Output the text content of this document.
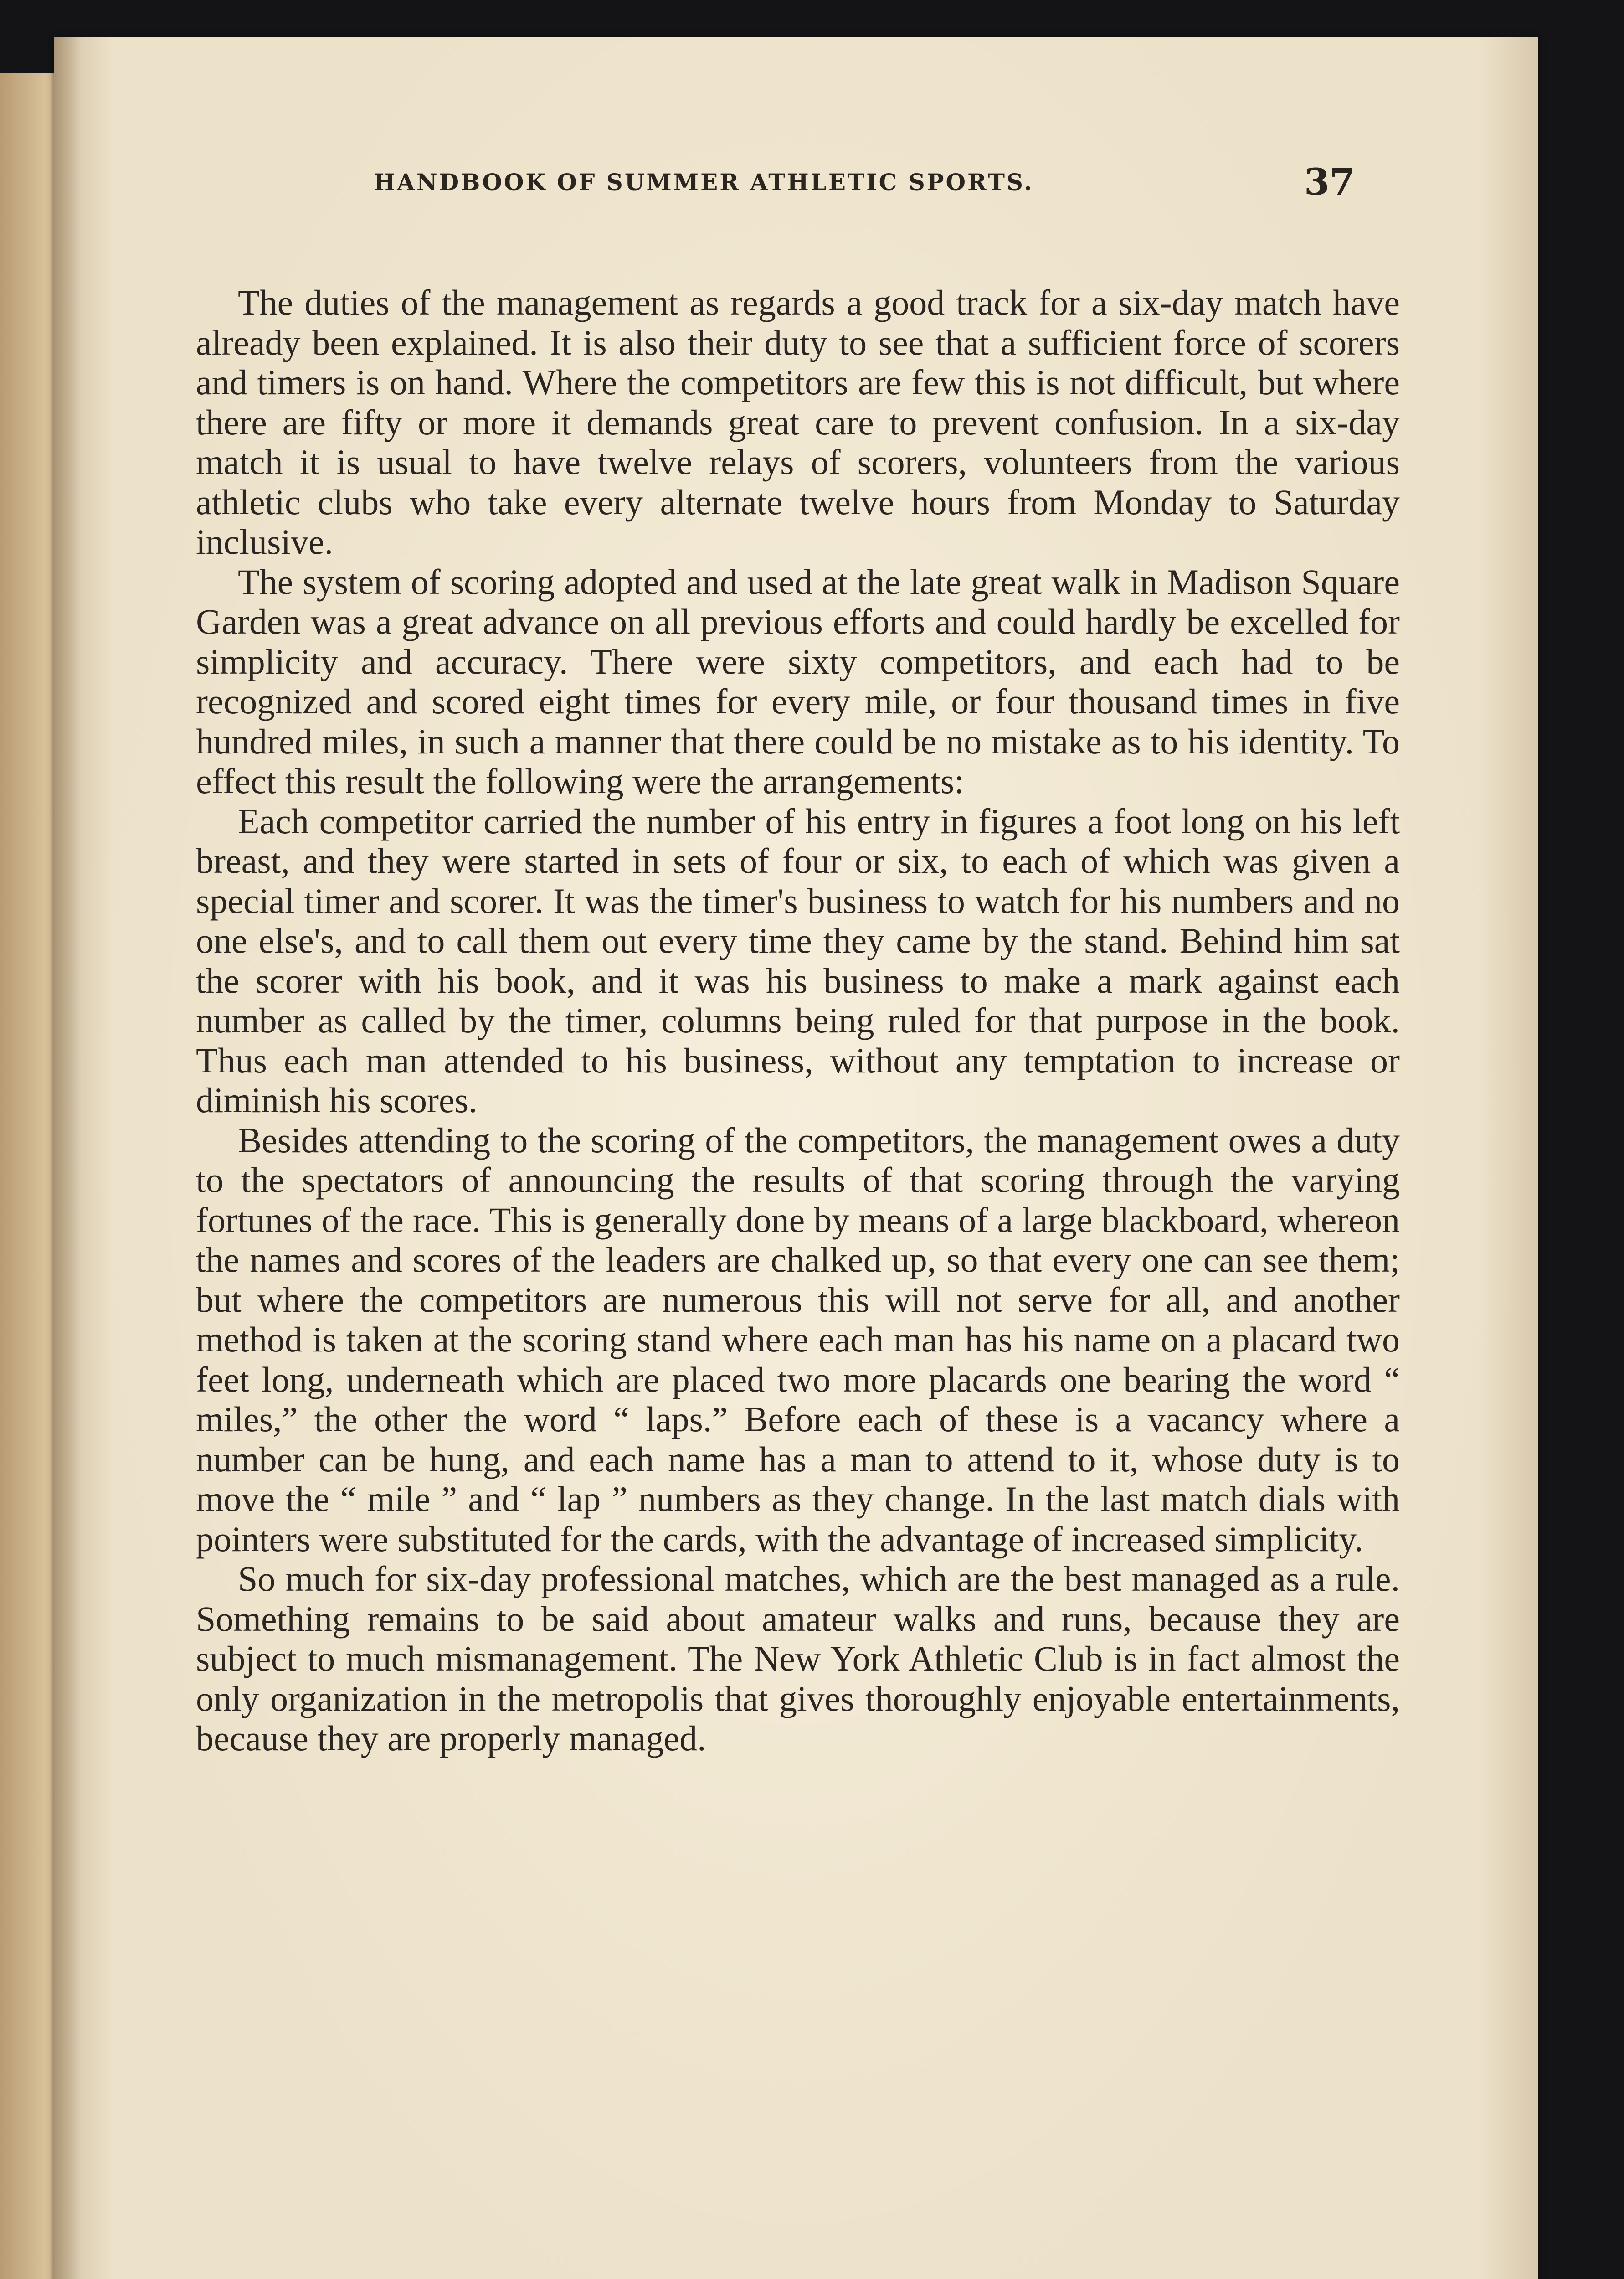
HANDBOOK OF SUMMER ATHLETIC SPORTS.	37

The duties of the management as regards a good track for a six-day match have already been explained. It is also their duty to see that a sufficient force of scorers and timers is on hand. Where the competitors are few this is not difficult, but where there are fifty or more it demands great care to prevent confusion. In a six-day match it is usual to have twelve relays of scorers, volunteers from the various athletic clubs who take every alternate twelve hours from Monday to Saturday inclusive.

The system of scoring adopted and used at the late great walk in Madison Square Garden was a great advance on all previous efforts and could hardly be excelled for simplicity and accuracy. There were sixty competitors, and each had to be recognized and scored eight times for every mile, or four thousand times in five hundred miles, in such a manner that there could be no mistake as to his identity. To effect this result the following were the arrangements:

Each competitor carried the number of his entry in figures a foot long on his left breast, and they were started in sets of four or six, to each of which was given a special timer and scorer. It was the timer's business to watch for his numbers and no one else's, and to call them out every time they came by the stand. Behind him sat the scorer with his book, and it was his business to make a mark against each number as called by the timer, columns being ruled for that purpose in the book. Thus each man attended to his business, without any temptation to increase or diminish his scores.

Besides attending to the scoring of the competitors, the management owes a duty to the spectators of announcing the results of that scoring through the varying fortunes of the race. This is generally done by means of a large blackboard, whereon the names and scores of the leaders are chalked up, so that every one can see them; but where the competitors are numerous this will not serve for all, and another method is taken at the scoring stand where each man has his name on a placard two feet long, underneath which are placed two more placards one bearing the word “ miles,” the other the word “ laps.” Before each of these is a vacancy where a number can be hung, and each name has a man to attend to it, whose duty is to move the “ mile ” and “ lap ” numbers as they change. In the last match dials with pointers were substituted for the cards, with the advantage of increased simplicity.

So much for six-day professional matches, which are the best managed as a rule. Something remains to be said about amateur walks and runs, because they are subject to much mismanagement. The New York Athletic Club is in fact almost the only organization in the metropolis that gives thoroughly enjoyable entertainments, because they are properly managed.
